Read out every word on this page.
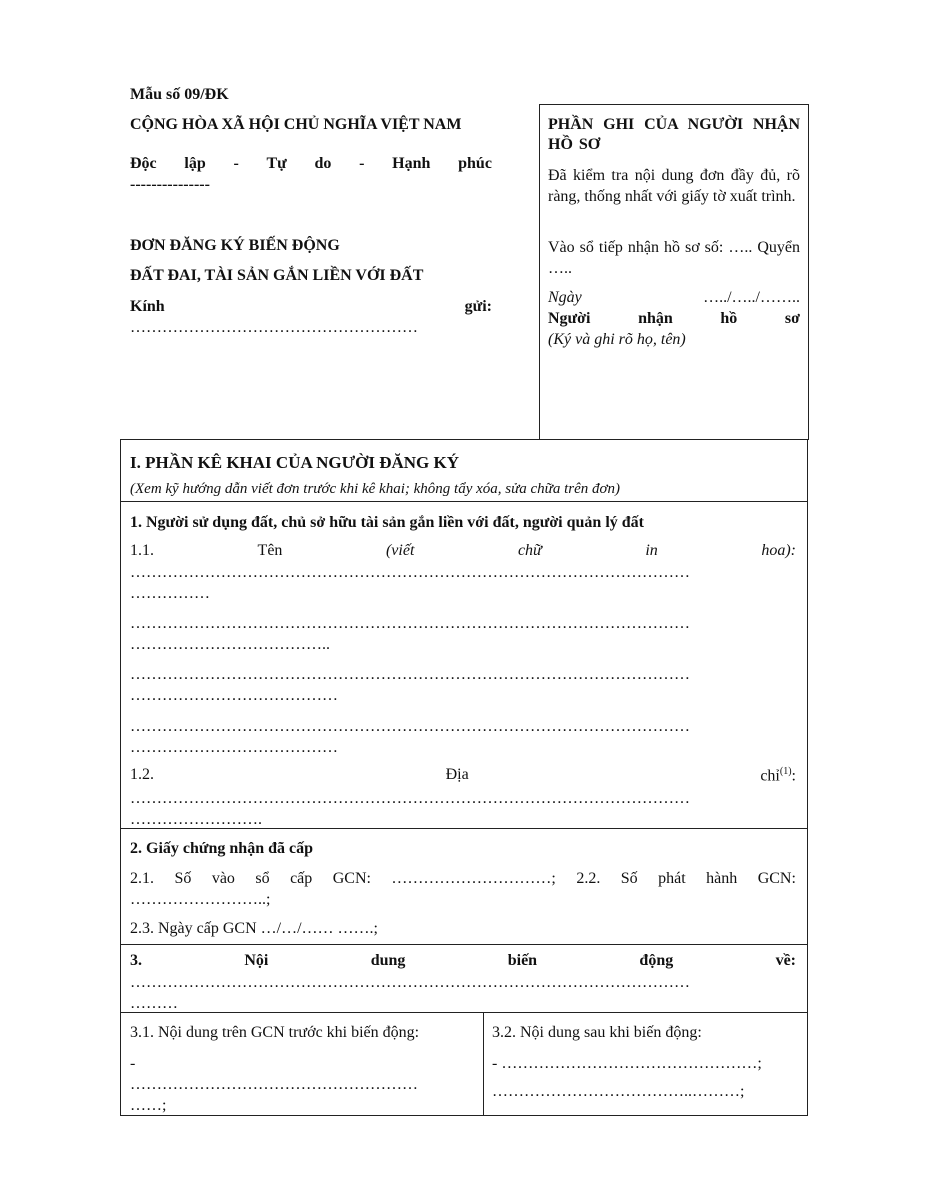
Mẫu số 09/ĐK
CỘNG HÒA XÃ HỘI CHỦ NGHĨA VIỆT NAM
Độc lập - Tự do - Hạnh phúc
---------------
ĐƠN ĐĂNG KÝ BIẾN ĐỘNG
ĐẤT ĐAI, TÀI SẢN GẮN LIỀN VỚI ĐẤT
Kính	gửi:
………………………………………………
PHẦN GHI CỦA NGƯỜI NHẬN HỒ SƠ
Đã kiểm tra nội dung đơn đầy đủ, rõ ràng, thống nhất với giấy tờ xuất trình.
Vào sổ tiếp nhận hồ sơ số: ….. Quyển …..
Ngày	…../…../……..
Người	nhận	hồ	sơ
(Ký và ghi rõ họ, tên)
I. PHẦN KÊ KHAI CỦA NGƯỜI ĐĂNG KÝ
(Xem kỹ hướng dẫn viết đơn trước khi kê khai; không tẩy xóa, sửa chữa trên đơn)
1. Người sử dụng đất, chủ sở hữu tài sản gắn liền với đất, người quản lý đất
1.1.	Tên	(viết	chữ	in	hoa):
……………………………………………………………………………………………
……………
……………………………………………………………………………………………
………………………………..
……………………………………………………………………………………………
…………………………………
……………………………………………………………………………………………
…………………………………
1.2.	Địa	chỉ$^{(1)}$:
……………………………………………………………………………………………
…………………….
2. Giấy chứng nhận đã cấp
2.1. Số vào sổ cấp GCN: …………………………; 2.2. Số phát hành GCN:
……………………..;
2.3. Ngày cấp GCN …/…/…… …….;
3.	Nội	dung	biến	động	về:
……………………………………………………………………………………………
………
3.1. Nội dung trên GCN trước khi biến động:
-
………………………………………………
……;
3.2. Nội dung sau khi biến động:
- …………………………………………;
………………………………..………;
